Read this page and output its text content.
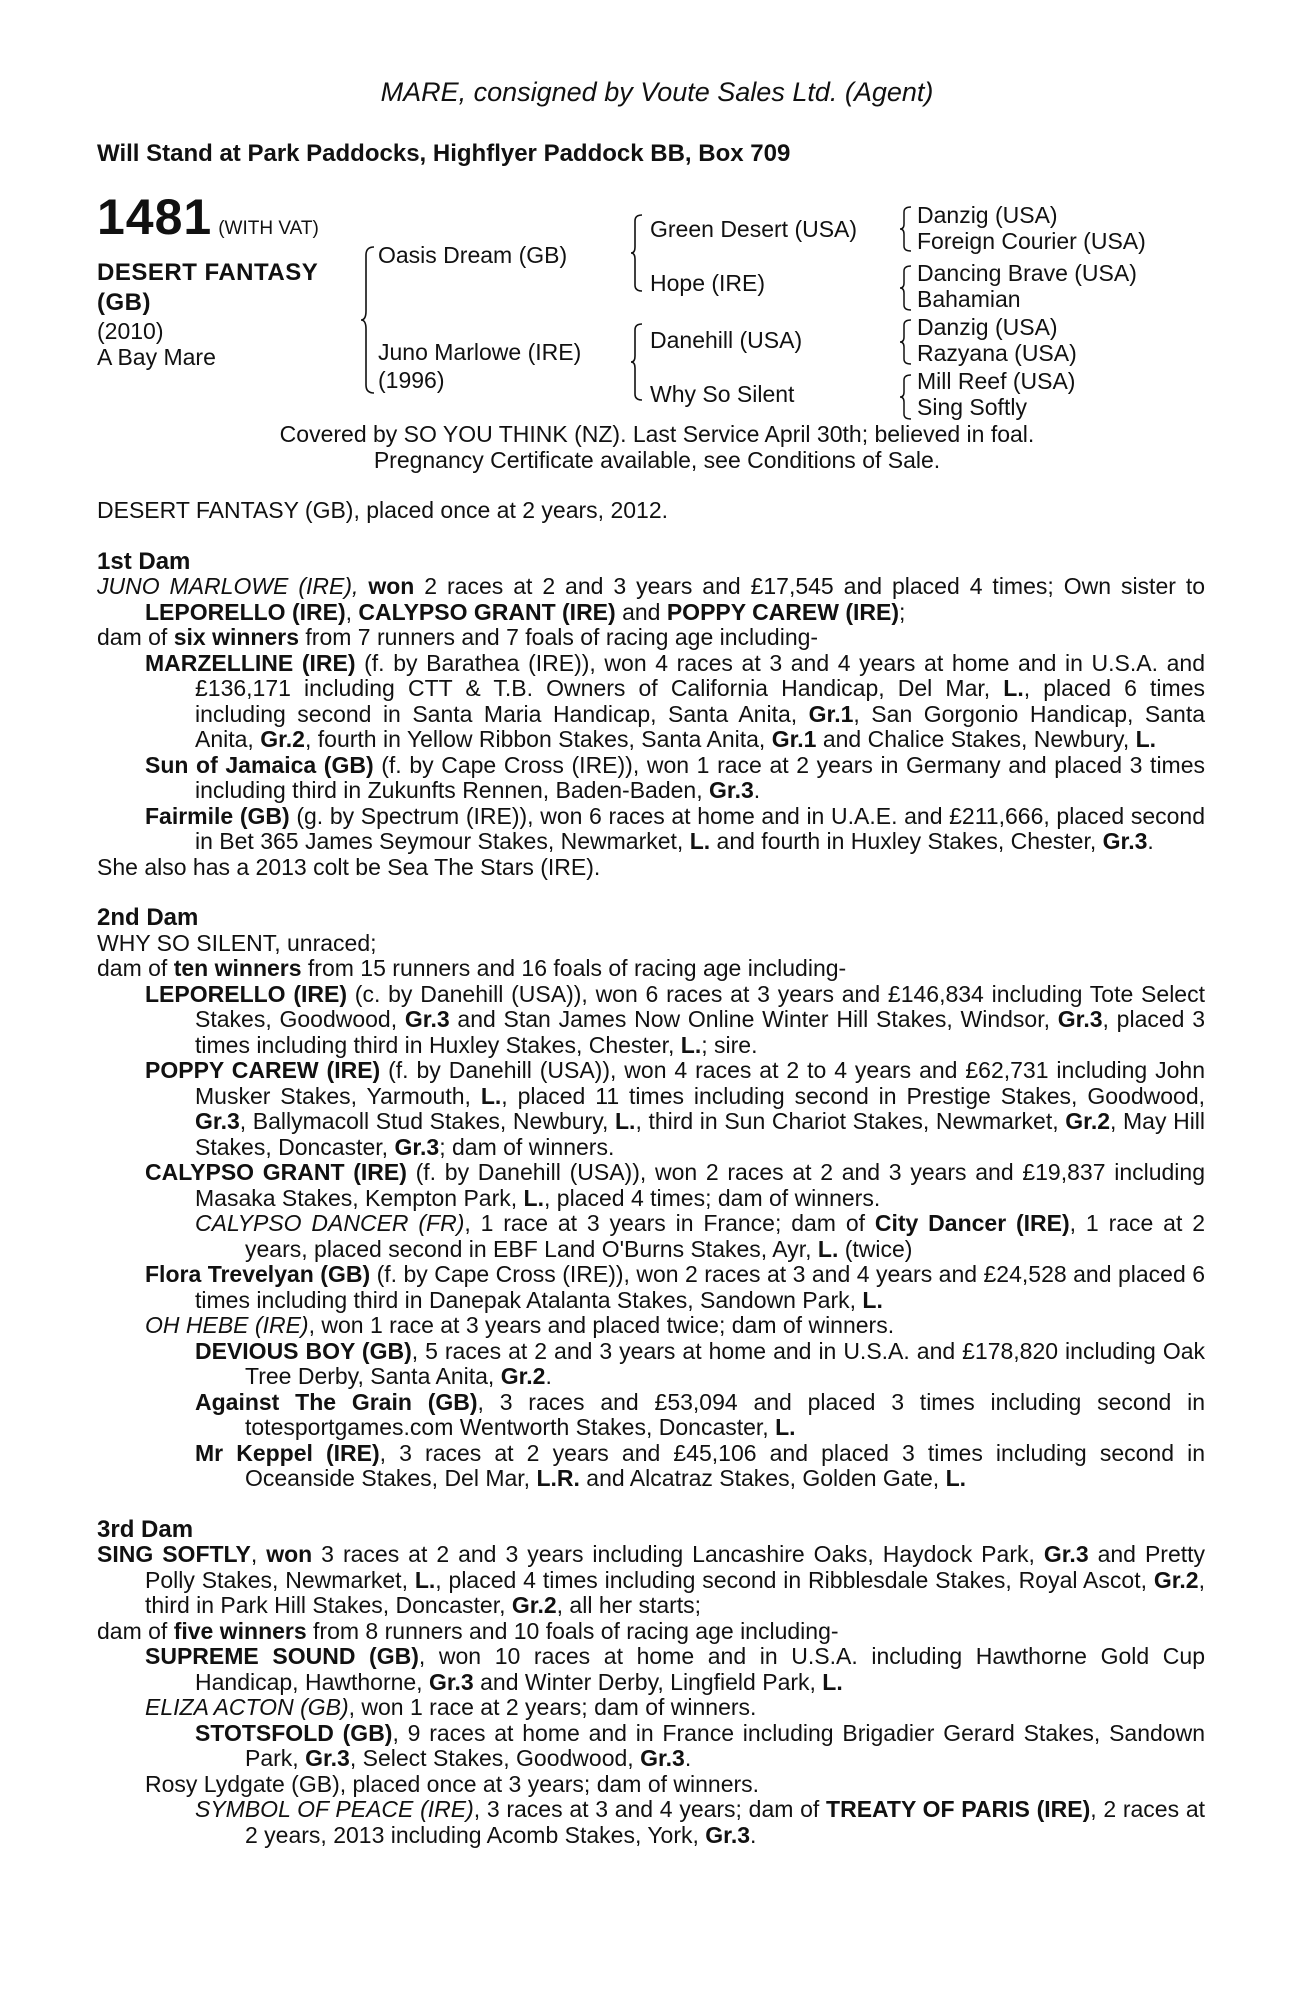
MARE, consigned by Voute Sales Ltd. (Agent)
Will Stand at Park Paddocks, Highflyer Paddock BB, Box 709
1481 (WITH VAT)
DESERT FANTASY
(GB)
(2010)
A Bay Mare
Oasis Dream (GB)
Juno Marlowe (IRE)
(1996)
Green Desert (USA)
Hope (IRE)
Danehill (USA)
Why So Silent
Danzig (USA)
Foreign Courier (USA)
Dancing Brave (USA)
Bahamian
Danzig (USA)
Razyana (USA)
Mill Reef (USA)
Sing Softly
Covered by SO YOU THINK (NZ). Last Service April 30th; believed in foal.
Pregnancy Certificate available, see Conditions of Sale.
DESERT FANTASY (GB), placed once at 2 years, 2012.
1st Dam
JUNO MARLOWE (IRE), won 2 races at 2 and 3 years and £17,545 and placed 4 times; Own sister to LEPORELLO (IRE), CALYPSO GRANT (IRE) and POPPY CAREW (IRE);
dam of six winners from 7 runners and 7 foals of racing age including-
MARZELLINE (IRE) (f. by Barathea (IRE)), won 4 races at 3 and 4 years at home and in U.S.A. and £136,171 including CTT & T.B. Owners of California Handicap, Del Mar, L., placed 6 times including second in Santa Maria Handicap, Santa Anita, Gr.1, San Gorgonio Handicap, Santa Anita, Gr.2, fourth in Yellow Ribbon Stakes, Santa Anita, Gr.1 and Chalice Stakes, Newbury, L.
Sun of Jamaica (GB) (f. by Cape Cross (IRE)), won 1 race at 2 years in Germany and placed 3 times including third in Zukunfts Rennen, Baden-Baden, Gr.3.
Fairmile (GB) (g. by Spectrum (IRE)), won 6 races at home and in U.A.E. and £211,666, placed second in Bet 365 James Seymour Stakes, Newmarket, L. and fourth in Huxley Stakes, Chester, Gr.3.
She also has a 2013 colt be Sea The Stars (IRE).
2nd Dam
WHY SO SILENT, unraced;
dam of ten winners from 15 runners and 16 foals of racing age including-
LEPORELLO (IRE) (c. by Danehill (USA)), won 6 races at 3 years and £146,834 including Tote Select Stakes, Goodwood, Gr.3 and Stan James Now Online Winter Hill Stakes, Windsor, Gr.3, placed 3 times including third in Huxley Stakes, Chester, L.; sire.
POPPY CAREW (IRE) (f. by Danehill (USA)), won 4 races at 2 to 4 years and £62,731 including John Musker Stakes, Yarmouth, L., placed 11 times including second in Prestige Stakes, Goodwood, Gr.3, Ballymacoll Stud Stakes, Newbury, L., third in Sun Chariot Stakes, Newmarket, Gr.2, May Hill Stakes, Doncaster, Gr.3; dam of winners.
CALYPSO GRANT (IRE) (f. by Danehill (USA)), won 2 races at 2 and 3 years and £19,837 including Masaka Stakes, Kempton Park, L., placed 4 times; dam of winners.
CALYPSO DANCER (FR), 1 race at 3 years in France; dam of City Dancer (IRE), 1 race at 2 years, placed second in EBF Land O'Burns Stakes, Ayr, L. (twice)
Flora Trevelyan (GB) (f. by Cape Cross (IRE)), won 2 races at 3 and 4 years and £24,528 and placed 6 times including third in Danepak Atalanta Stakes, Sandown Park, L.
OH HEBE (IRE), won 1 race at 3 years and placed twice; dam of winners.
DEVIOUS BOY (GB), 5 races at 2 and 3 years at home and in U.S.A. and £178,820 including Oak Tree Derby, Santa Anita, Gr.2.
Against The Grain (GB), 3 races and £53,094 and placed 3 times including second in totesportgames.com Wentworth Stakes, Doncaster, L.
Mr Keppel (IRE), 3 races at 2 years and £45,106 and placed 3 times including second in Oceanside Stakes, Del Mar, L.R. and Alcatraz Stakes, Golden Gate, L.
3rd Dam
SING SOFTLY, won 3 races at 2 and 3 years including Lancashire Oaks, Haydock Park, Gr.3 and Pretty Polly Stakes, Newmarket, L., placed 4 times including second in Ribblesdale Stakes, Royal Ascot, Gr.2, third in Park Hill Stakes, Doncaster, Gr.2, all her starts;
dam of five winners from 8 runners and 10 foals of racing age including-
SUPREME SOUND (GB), won 10 races at home and in U.S.A. including Hawthorne Gold Cup Handicap, Hawthorne, Gr.3 and Winter Derby, Lingfield Park, L.
ELIZA ACTON (GB), won 1 race at 2 years; dam of winners.
STOTSFOLD (GB), 9 races at home and in France including Brigadier Gerard Stakes, Sandown Park, Gr.3, Select Stakes, Goodwood, Gr.3.
Rosy Lydgate (GB), placed once at 3 years; dam of winners.
SYMBOL OF PEACE (IRE), 3 races at 3 and 4 years; dam of TREATY OF PARIS (IRE), 2 races at 2 years, 2013 including Acomb Stakes, York, Gr.3.
